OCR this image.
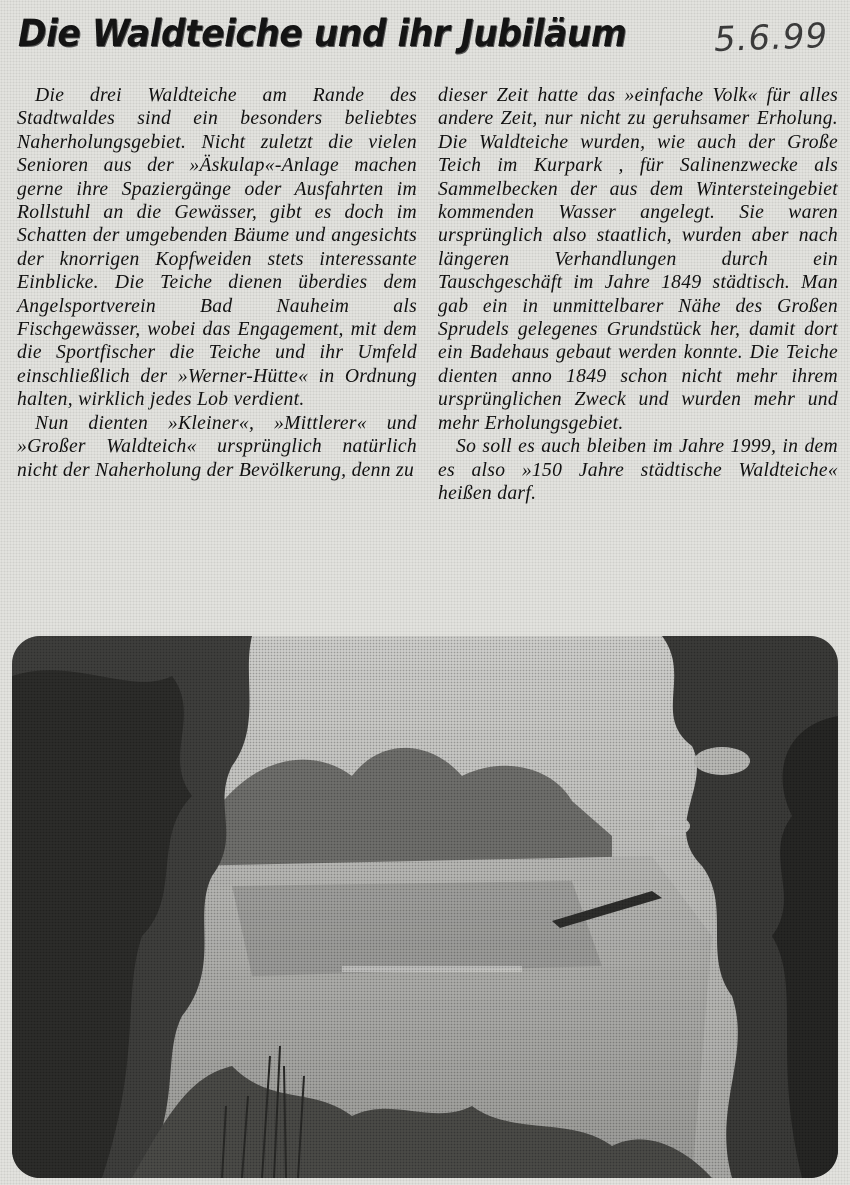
Die Waldteiche und ihr Jubiläum	5.6.99

Die drei Waldteiche am Rande des Stadtwaldes sind ein besonders beliebtes Naherholungsgebiet. Nicht zuletzt die vielen Senioren aus der »Äskulap«-Anlage machen gerne ihre Spaziergänge oder Ausfahrten im Rollstuhl an die Gewässer, gibt es doch im Schatten der umgebenden Bäume und angesichts der knorrigen Kopfweiden stets interessante Einblicke. Die Teiche dienen überdies dem Angelsportverein Bad Nauheim als Fischgewässer, wobei das Engagement, mit dem die Sportfischer die Teiche und ihr Umfeld einschließlich der »Werner-Hütte« in Ordnung halten, wirklich jedes Lob verdient.

Nun dienten »Kleiner«, »Mittlerer« und »Großer Waldteich« ursprünglich natürlich nicht der Naherholung der Bevölkerung, denn zu

dieser Zeit hatte das »einfache Volk« für alles andere Zeit, nur nicht zu geruhsamer Erholung. Die Waldteiche wurden, wie auch der Große Teich im Kurpark , für Salinenzwecke als Sammelbecken der aus dem Wintersteingebiet kommenden Wasser angelegt. Sie waren ursprünglich also staatlich, wurden aber nach längeren Verhandlungen durch ein Tauschgeschäft im Jahre 1849 städtisch. Man gab ein in unmittelbarer Nähe des Großen Sprudels gelegenes Grundstück her, damit dort ein Badehaus gebaut werden konnte. Die Teiche dienten anno 1849 schon nicht mehr ihrem ursprünglichen Zweck und wurden mehr und mehr Erholungsgebiet.

So soll es auch bleiben im Jahre 1999, in dem es also »150 Jahre städtische Waldteiche« heißen darf.
